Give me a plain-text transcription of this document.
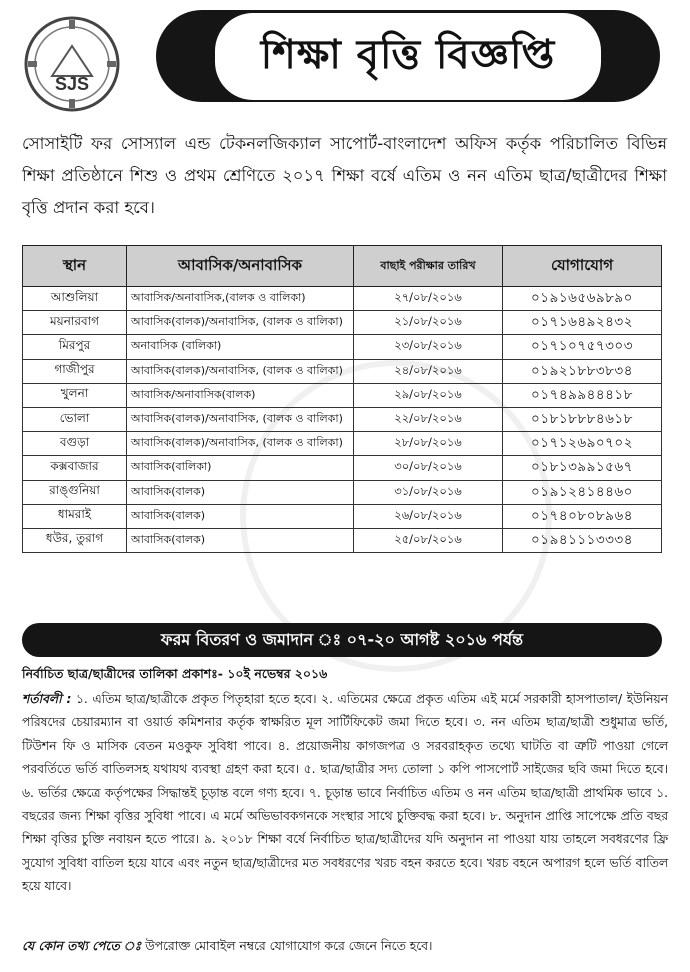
SJS
শিক্ষা বৃত্তি বিজ্ঞপ্তি
সোসাইটি ফর সোস্যাল এন্ড টেকনলজিক্যাল সাপোর্ট-বাংলাদেশ অফিস কর্তৃক পরিচালিত বিভিন্ন শিক্ষা প্রতিষ্ঠানে শিশু ও প্রথম শ্রেণিতে ২০১৭ শিক্ষা বর্ষে এতিম ও নন এতিম ছাত্র/ছাত্রীদের শিক্ষা বৃত্তি প্রদান করা হবে।
স্থান	আবাসিক/অনাবাসিক	বাছাই পরীক্ষার তারিখ	যোগাযোগ
আশুলিয়া	আবাসিক/অনাবাসিক,(বালক ও বালিকা)	২৭/০৮/২০১৬	০১৯১৬৫৬৯৮৯০
ময়নারবাগ	আবাসিক(বালক)/অনাবাসিক, (বালক ও বালিকা)	২১/০৮/২০১৬	০১৭১৬৪৯২৪৩২
মিরপুর	অনাবাসিক (বালিকা)	২৩/০৮/২০১৬	০১৭১০৭৫৭৩০৩
গাজীপুর	আবাসিক(বালক)/অনাবাসিক, (বালক ও বালিকা)	২৪/০৮/২০১৬	০১৯২১৮৮৩৮৩৪
খুলনা	আবাসিক/অনাবাসিক(বালক)	২৯/০৮/২০১৬	০১৭৪৯৯৪৪৪১৮
ভোলা	আবাসিক(বালক)/অনাবাসিক, (বালক ও বালিকা)	২২/০৮/২০১৬	০১৮১৮৮৮৪৬১৮
বগুড়া	আবাসিক(বালক)/অনাবাসিক, (বালক ও বালিকা)	২৮/০৮/২০১৬	০১৭১২৬৯০৭০২
কক্সবাজার	আবাসিক(বালিকা)	৩০/০৮/২০১৬	০১৮১৩৯৯১৫৬৭
রাঙ্গুনিয়া	আবাসিক(বালক)	৩১/০৮/২০১৬	০১৯১২৪১৪৪৬০
ধামরাই	আবাসিক(বালক)	২৬/০৮/২০১৬	০১৭৪০৮০৮৯৬৪
ধউর, তুরাগ	আবাসিক(বালক)	২৫/০৮/২০১৬	০১৯৪১১১৩৩৩৪
ফরম বিতরণ ও জমাদান ঃ ০৭-২০ আগষ্ট ২০১৬ পর্যন্ত
নির্বাচিত ছাত্র/ছাত্রীদের তালিকা প্রকাশঃ- ১০ই নভেম্বর ২০১৬
শর্তাবলী : ১. এতিম ছাত্র/ছাত্রীকে প্রকৃত পিতৃহারা হতে হবে। ২. এতিমের ক্ষেত্রে প্রকৃত এতিম এই মর্মে সরকারী হাসপাতাল/ ইউনিয়ন পরিষদের চেয়ারম্যান বা ওয়ার্ড কমিশনার কর্তৃক স্বাক্ষরিত মূল সার্টিফিকেট জমা দিতে হবে। ৩. নন এতিম ছাত্র/ছাত্রী শুধুমাত্র ভর্তি, টিউশন ফি ও মাসিক বেতন মওকুফ সুবিধা পাবে। ৪. প্রয়োজনীয় কাগজপত্র ও সরবরাহকৃত তথ্যে ঘাটতি বা ত্রুটি পাওয়া গেলে পরবর্তিতে ভর্তি বাতিলসহ যথাযথ ব্যবস্থা গ্রহণ করা হবে। ৫. ছাত্র/ছাত্রীর সদ্য তোলা ১ কপি পাসপোর্ট সাইজের ছবি জমা দিতে হবে। ৬. ভর্তির ক্ষেত্রে কর্তৃপক্ষের সিদ্ধান্তই চূড়ান্ত বলে গণ্য হবে। ৭. চূড়ান্ত ভাবে নির্বাচিত এতিম ও নন এতিম ছাত্র/ছাত্রী প্রাথমিক ভাবে ১. বছরের জন্য শিক্ষা বৃত্তির সুবিধা পাবে। এ মর্মে অভিভাবকগনকে সংস্থার সাথে চুক্তিবদ্ধ করা হবে। ৮. অনুদান প্রাপ্তি সাপেক্ষে প্রতি বছর শিক্ষা বৃত্তির চুক্তি নবায়ন হতে পারে। ৯. ২০১৮ শিক্ষা বর্ষে নির্বাচিত ছাত্র/ছাত্রীদের যদি অনুদান না পাওয়া যায় তাহলে সবধরণের ফ্রি সুযোগ সুবিধা বাতিল হয়ে যাবে এবং নতুন ছাত্র/ছাত্রীদের মত সবধরণের খরচ বহন করতে হবে। খরচ বহনে অপারগ হলে ভর্তি বাতিল হয়ে যাবে।
যে কোন তথ্য পেতে ঃ উপরোক্ত মোবাইল নম্বরে যোগাযোগ করে জেনে নিতে হবে।
